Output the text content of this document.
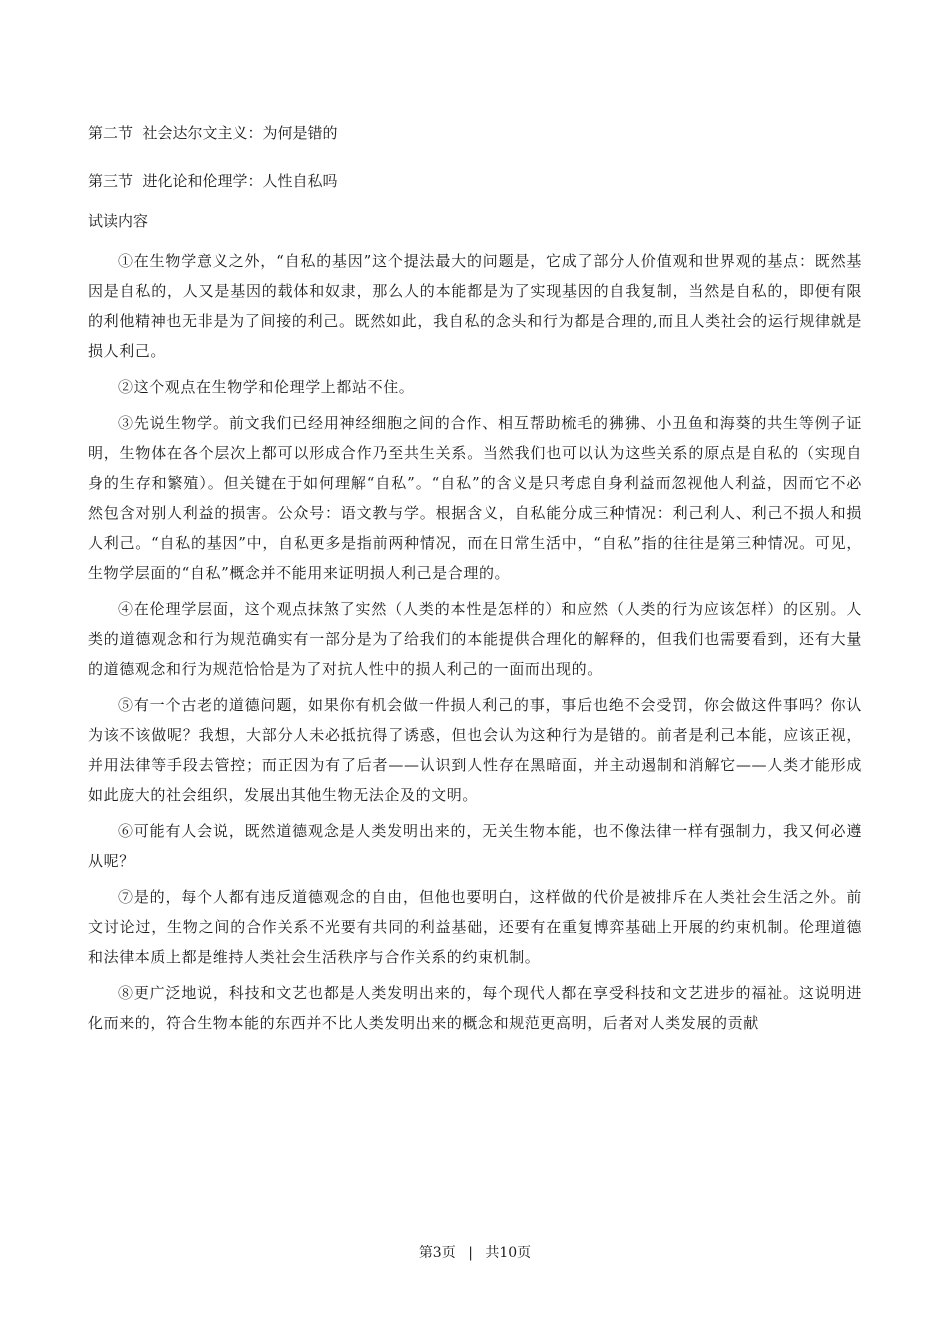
第二节  社会达尔文主义：为何是错的
第三节  进化论和伦理学：人性自私吗
试读内容

①在生物学意义之外，“自私的基因”这个提法最大的问题是，它成了部分人价值观和世界观的基点：既然基因是自私的，人又是基因的载体和奴隶，那么人的本能都是为了实现基因的自我复制，当然是自私的，即便有限的利他精神也无非是为了间接的利己。既然如此，我自私的念头和行为都是合理的,而且人类社会的运行规律就是损人利己。

②这个观点在生物学和伦理学上都站不住。

③先说生物学。前文我们已经用神经细胞之间的合作、相互帮助梳毛的狒狒、小丑鱼和海葵的共生等例子证明，生物体在各个层次上都可以形成合作乃至共生关系。当然我们也可以认为这些关系的原点是自私的（实现自身的生存和繁殖）。但关键在于如何理解“自私”。“自私”的含义是只考虑自身利益而忽视他人利益，因而它不必然包含对别人利益的损害。公众号：语文教与学。根据含义，自私能分成三种情况：利己利人、利己不损人和损人利己。“自私的基因”中，自私更多是指前两种情况，而在日常生活中，“自私”指的往往是第三种情况。可见，生物学层面的“自私”概念并不能用来证明损人利己是合理的。

④在伦理学层面，这个观点抹煞了实然（人类的本性是怎样的）和应然（人类的行为应该怎样）的区别。人类的道德观念和行为规范确实有一部分是为了给我们的本能提供合理化的解释的，但我们也需要看到，还有大量的道德观念和行为规范恰恰是为了对抗人性中的损人利己的一面而出现的。

⑤有一个古老的道德问题，如果你有机会做一件损人利己的事，事后也绝不会受罚，你会做这件事吗？你认为该不该做呢？我想，大部分人未必抵抗得了诱惑，但也会认为这种行为是错的。前者是利己本能，应该正视，并用法律等手段去管控；而正因为有了后者——认识到人性存在黑暗面，并主动遏制和消解它——人类才能形成如此庞大的社会组织，发展出其他生物无法企及的文明。

⑥可能有人会说，既然道德观念是人类发明出来的，无关生物本能，也不像法律一样有强制力，我又何必遵从呢？

⑦是的，每个人都有违反道德观念的自由，但他也要明白，这样做的代价是被排斥在人类社会生活之外。前文讨论过，生物之间的合作关系不光要有共同的利益基础，还要有在重复博弈基础上开展的约束机制。伦理道德和法律本质上都是维持人类社会生活秩序与合作关系的约束机制。

⑧更广泛地说，科技和文艺也都是人类发明出来的，每个现代人都在享受科技和文艺进步的福祉。这说明进化而来的，符合生物本能的东西并不比人类发明出来的概念和规范更高明，后者对人类发展的贡献

第3页 | 共10页
